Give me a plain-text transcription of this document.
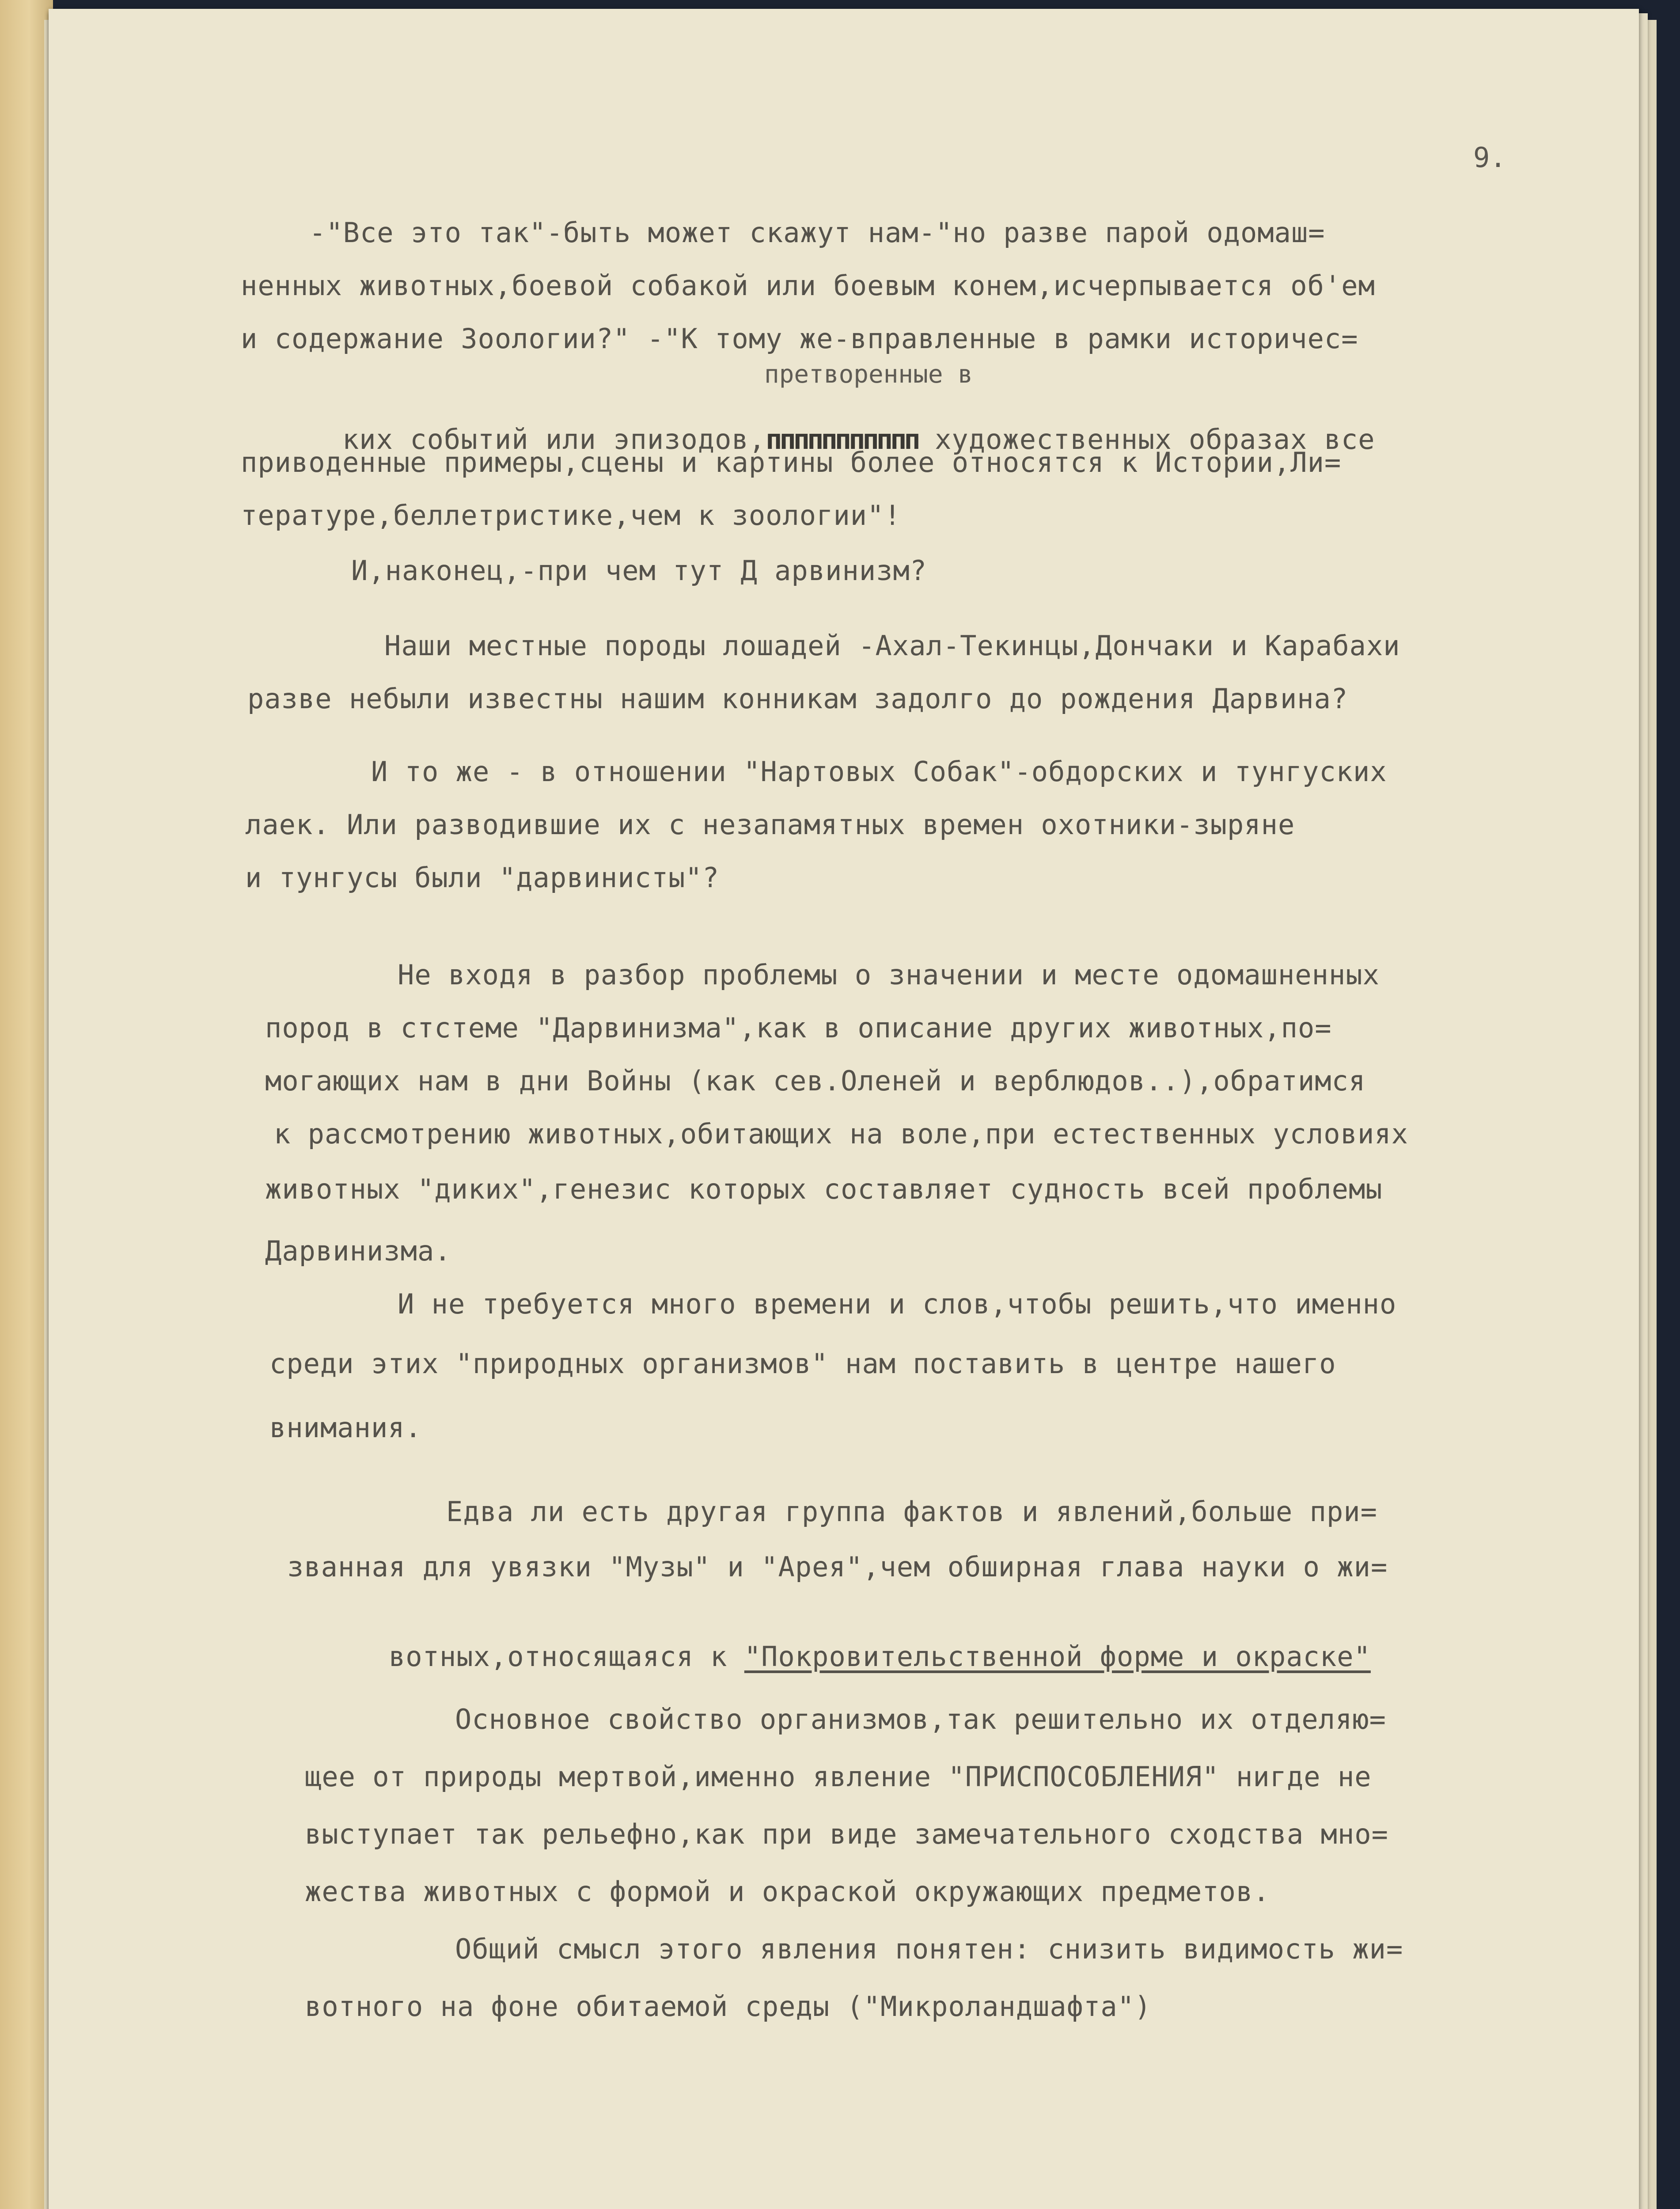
9.
-"Все это так"-быть может скажут нам-"но разве парой одомаш=
ненных животных,боевой собакой или боевым конем,исчерпывается об'ем
и содержание Зоологии?" -"К тому же-вправленные в рамки историчес=
претворенные в

ких событий или эпизодов,ппппппппппп художественных образах все

приводенные примеры,сцены и картины более относятся к Истории,Ли=
тературе,беллетристике,чем к зоологии"!
И,наконец,-при чем тут Д арвинизм?
Наши местные породы лошадей -Ахал-Текинцы,Дончаки и Карабахи
разве небыли известны нашим конникам задолго до рождения Дарвина?
И то же - в отношении "Нартовых Собак"-обдорских и тунгуских
лаек. Или разводившие их с незапамятных времен охотники-зыряне
и тунгусы были "дарвинисты"?
Не входя в разбор проблемы о значении и месте одомашненных
пород в стстеме "Дарвинизма",как в описание других животных,по=
могающих нам в дни Войны (как сев.Оленей и верблюдов..),обратимся
к рассмотрению животных,обитающих на воле,при естественных условиях
животных "диких",генезис которых составляет судность всей проблемы
Дарвинизма.
И не требуется много времени и слов,чтобы решить,что именно
среди этих "природных организмов" нам поставить в центре нашего
внимания.
Едва ли есть другая группа фактов и явлений,больше при=
званная для увязки "Музы" и "Арея",чем обширная глава науки о жи=

вотных,относящаяся к "Покровительственной форме и окраске"

Основное свойство организмов,так решительно их отделяю=
щее от природы мертвой,именно явление "ПРИСПОСОБЛЕНИЯ" нигде не
выступает так рельефно,как при виде замечательного сходства мно=
жества животных с формой и окраской окружающих предметов.
Общий смысл этого явления понятен: снизить видимость жи=
вотного на фоне обитаемой среды ("Микроландшафта")
